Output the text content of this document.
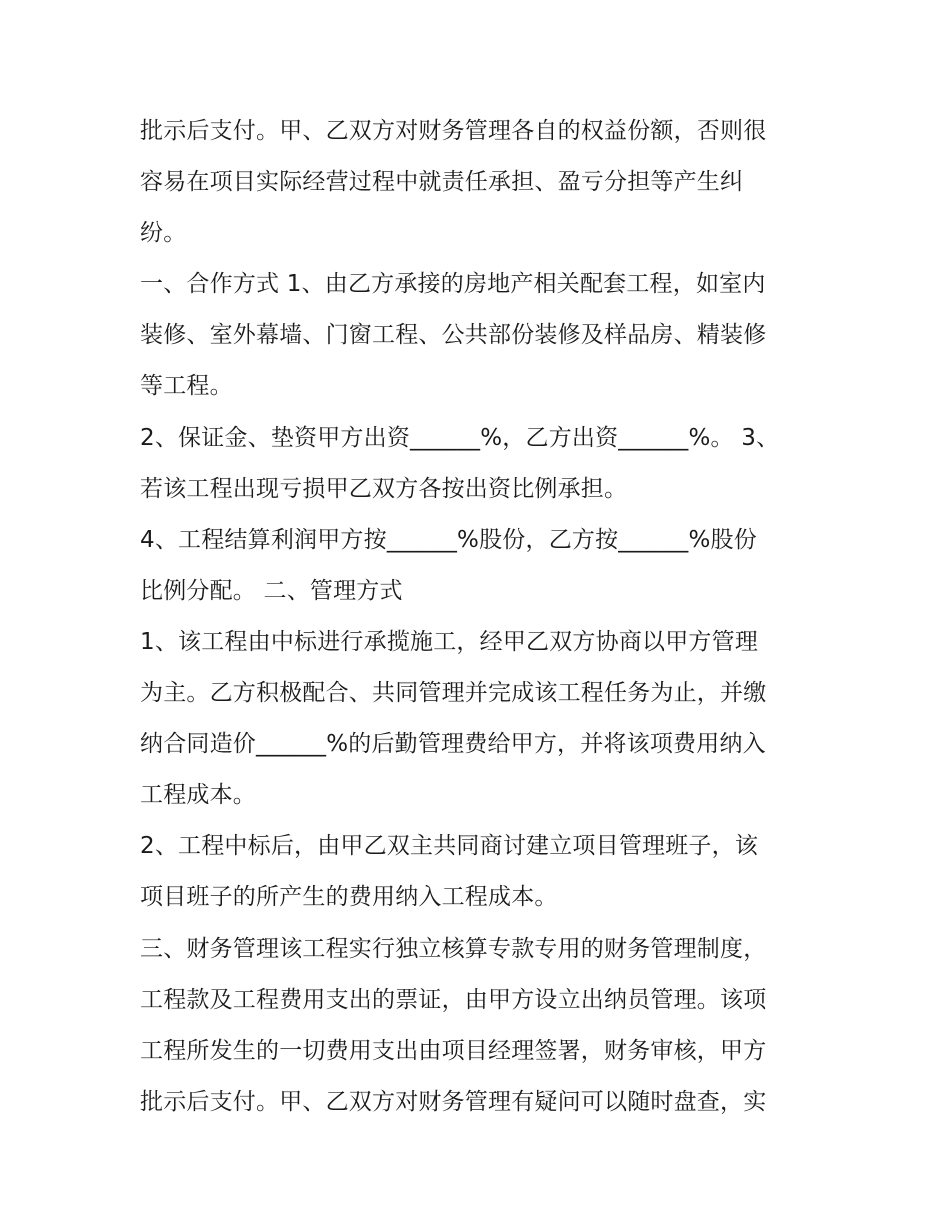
批示后支付。甲、乙双方对财务管理各自的权益份额，否则很
容易在项目实际经营过程中就责任承担、盈亏分担等产生纠
纷。
一、合作方式 1、由乙方承接的房地产相关配套工程，如室内
装修、室外幕墙、门窗工程、公共部份装修及样品房、精装修
等工程。
2、保证金、垫资甲方出资______%，乙方出资______%。 3、
若该工程出现亏损甲乙双方各按出资比例承担。
4、工程结算利润甲方按______%股份，乙方按______%股份
比例分配。 二、管理方式
1、该工程由中标进行承揽施工，经甲乙双方协商以甲方管理
为主。乙方积极配合、共同管理并完成该工程任务为止，并缴
纳合同造价______%的后勤管理费给甲方，并将该项费用纳入
工程成本。
2、工程中标后，由甲乙双主共同商讨建立项目管理班子，该
项目班子的所产生的费用纳入工程成本。
三、财务管理该工程实行独立核算专款专用的财务管理制度，
工程款及工程费用支出的票证，由甲方设立出纳员管理。该项
工程所发生的一切费用支出由项目经理签署，财务审核，甲方
批示后支付。甲、乙双方对财务管理有疑问可以随时盘查，实
